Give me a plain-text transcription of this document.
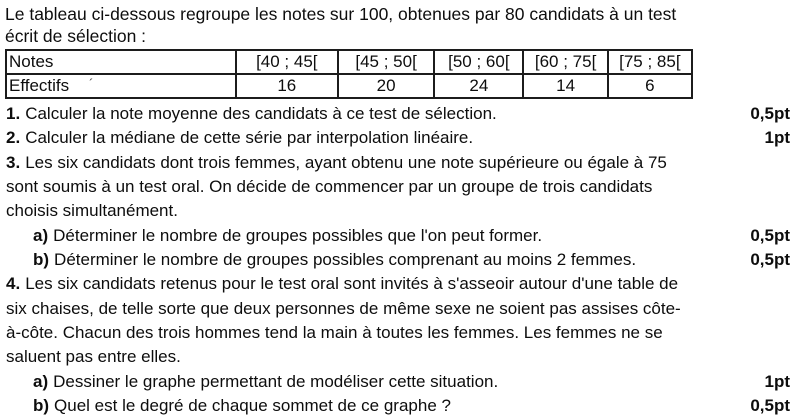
Le tableau ci-dessous regroupe les notes sur 100, obtenues par 80 candidats à un test
écrit de sélection :
Notes	[40 ; 45[	[45 ; 50[	[50 ; 60[	[60 ; 75[	[75 ; 85[
Effectifs ´	16	20	24	14	6
1. Calculer la note moyenne des candidats à ce test de sélection.	0,5pt
2. Calculer la médiane de cette série par interpolation linéaire.	1pt
3. Les six candidats dont trois femmes, ayant obtenu une note supérieure ou égale à 75
sont soumis à un test oral. On décide de commencer par un groupe de trois candidats
choisis simultanément.
a) Déterminer le nombre de groupes possibles que l'on peut former.	0,5pt
b) Déterminer le nombre de groupes possibles comprenant au moins 2 femmes.	0,5pt
4. Les six candidats retenus pour le test oral sont invités à s'asseoir autour d'une table de
six chaises, de telle sorte que deux personnes de même sexe ne soient pas assises côte-
à-côte. Chacun des trois hommes tend la main à toutes les femmes. Les femmes ne se
saluent pas entre elles.
a) Dessiner le graphe permettant de modéliser cette situation.	1pt
b) Quel est le degré de chaque sommet de ce graphe ?	0,5pt
